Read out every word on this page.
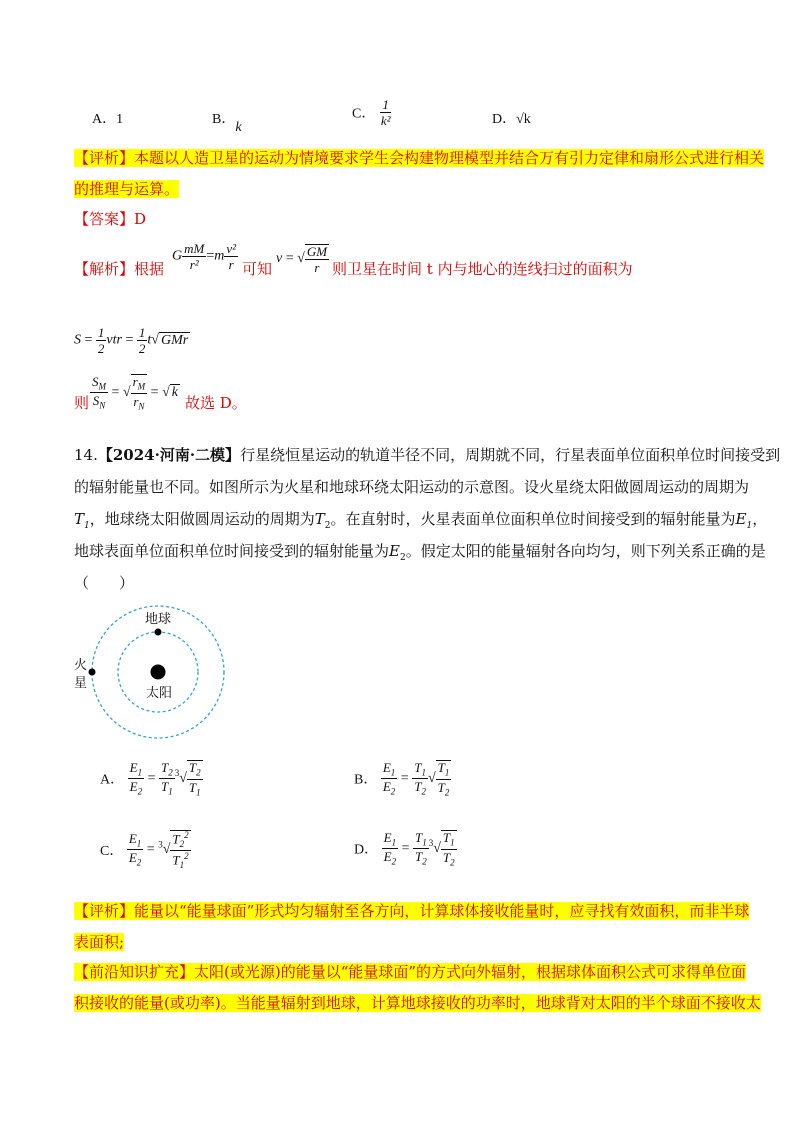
A．1	B．k
C． $\frac{1}{\text{k²}}$	D．√k
【评析】本题以人造卫星的运动为情境要求学生会构建物理模型并结合万有引力定律和扇形公式进行相关
的推理与运算。
【答案】D
【解析】根据
G $\frac{mM}{\text{r²}} =m \frac{\text{v²}}{r}$ 可知
v = √ $\frac{GM}{r}$ 则卫星在时间 t 内与地心的连线扫过的面积为
$S = \frac{1}{2}$ vtr = $\frac{1}{2} t√$ GMr
则 $\frac{S_M}{S_N}$ = √ $\frac{r_M}{r_N}$ = √ k
故选 D。
14.【2024·河南·二模】行星绕恒星运动的轨道半径不同，周期就不同，行星表面单位面积单位时间接受到
的辐射能量也不同。如图所示为火星和地球环绕太阳运动的示意图。设火星绕太阳做圆周运动的周期为
$T_1$，地球绕太阳做圆周运动的周期为$T_2$。在直射时，火星表面单位面积单位时间接受到的辐射能量为$E_1$，
地球表面单位面积单位时间接受到的辐射能量为$E_2$。假定太阳的能量辐射各向均匀，则下列关系正确的是
（　　）
地球
火
星
太阳
A． $\frac{E_1}{E_2} = \frac{T_2}{T_1} ^3√ \frac{T_2}{T_1}$	B． $\frac{E_1}{E_2} = \frac{T_1}{T_2}$ √ $\frac{T_1}{T_2}$
C． $\frac{E_1}{E_2} = ^3√ \frac{T_2^2}{T_1^2}$	D． $\frac{E_1}{E_2} = \frac{T_1}{T_2} ^3√ \frac{T_1}{T_2}$
【评析】能量以“能量球面”形式均匀辐射至各方向，计算球体接收能量时，应寻找有效面积，而非半球
表面积;
【前沿知识扩充】太阳(或光源)的能量以“能量球面”的方式向外辐射，根据球体面积公式可求得单位面
积接收的能量(或功率)。当能量辐射到地球，计算地球接收的功率时，地球背对太阳的半个球面不接收太
